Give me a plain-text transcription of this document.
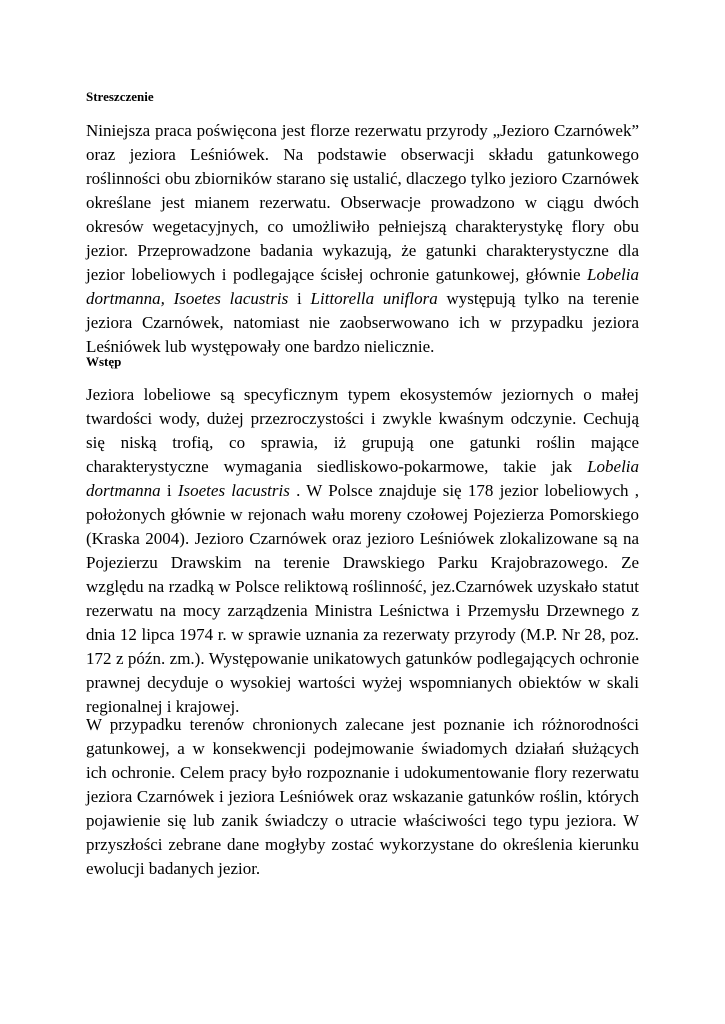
Streszczenie

Niniejsza praca poświęcona jest florze rezerwatu przyrody „Jezioro Czarnówek” oraz jeziora Leśniówek. Na podstawie obserwacji składu gatunkowego roślinności obu zbiorników starano się ustalić, dlaczego tylko jezioro Czarnówek określane jest mianem rezerwatu. Obserwacje prowadzono w ciągu dwóch okresów wegetacyjnych, co umożliwiło pełniejszą charakterystykę flory obu jezior. Przeprowadzone badania wykazują, że gatunki charakterystyczne dla jezior lobeliowych i podlegające ścisłej ochronie gatunkowej, głównie Lobelia dortmanna, Isoetes lacustris i Littorella uniflora występują tylko na terenie jeziora Czarnówek, natomiast nie zaobserwowano ich w przypadku jeziora Leśniówek lub występowały one bardzo nielicznie.

Wstęp

Jeziora lobeliowe są specyficznym typem ekosystemów jeziornych o małej twardości wody, dużej przezroczystości i zwykle kwaśnym odczynie. Cechują się niską trofią, co sprawia, iż grupują one gatunki roślin mające charakterystyczne wymagania siedliskowo-pokarmowe, takie jak Lobelia dortmanna i Isoetes lacustris . W Polsce znajduje się 178 jezior lobeliowych , położonych głównie w rejonach wału moreny czołowej Pojezierza Pomorskiego (Kraska 2004). Jezioro Czarnówek oraz jezioro Leśniówek zlokalizowane są na Pojezierzu Drawskim na terenie Drawskiego Parku Krajobrazowego. Ze względu na rzadką w Polsce reliktową roślinność, jez.Czarnówek uzyskało statut rezerwatu na mocy zarządzenia Ministra Leśnictwa i Przemysłu Drzewnego z dnia 12 lipca 1974 r. w sprawie uznania za rezerwaty przyrody (M.P. Nr 28, poz. 172 z późn. zm.). Występowanie unikatowych gatunków podlegających ochronie prawnej decyduje o wysokiej wartości wyżej wspomnianych obiektów w skali regionalnej i krajowej.

W przypadku terenów chronionych zalecane jest poznanie ich różnorodności gatunkowej, a w konsekwencji podejmowanie świadomych działań służących ich ochronie. Celem pracy było rozpoznanie i udokumentowanie flory rezerwatu jeziora Czarnówek i jeziora Leśniówek oraz wskazanie gatunków roślin, których pojawienie się lub zanik świadczy o utracie właściwości tego typu jeziora. W przyszłości zebrane dane mogłyby zostać wykorzystane do określenia kierunku ewolucji badanych jezior.
